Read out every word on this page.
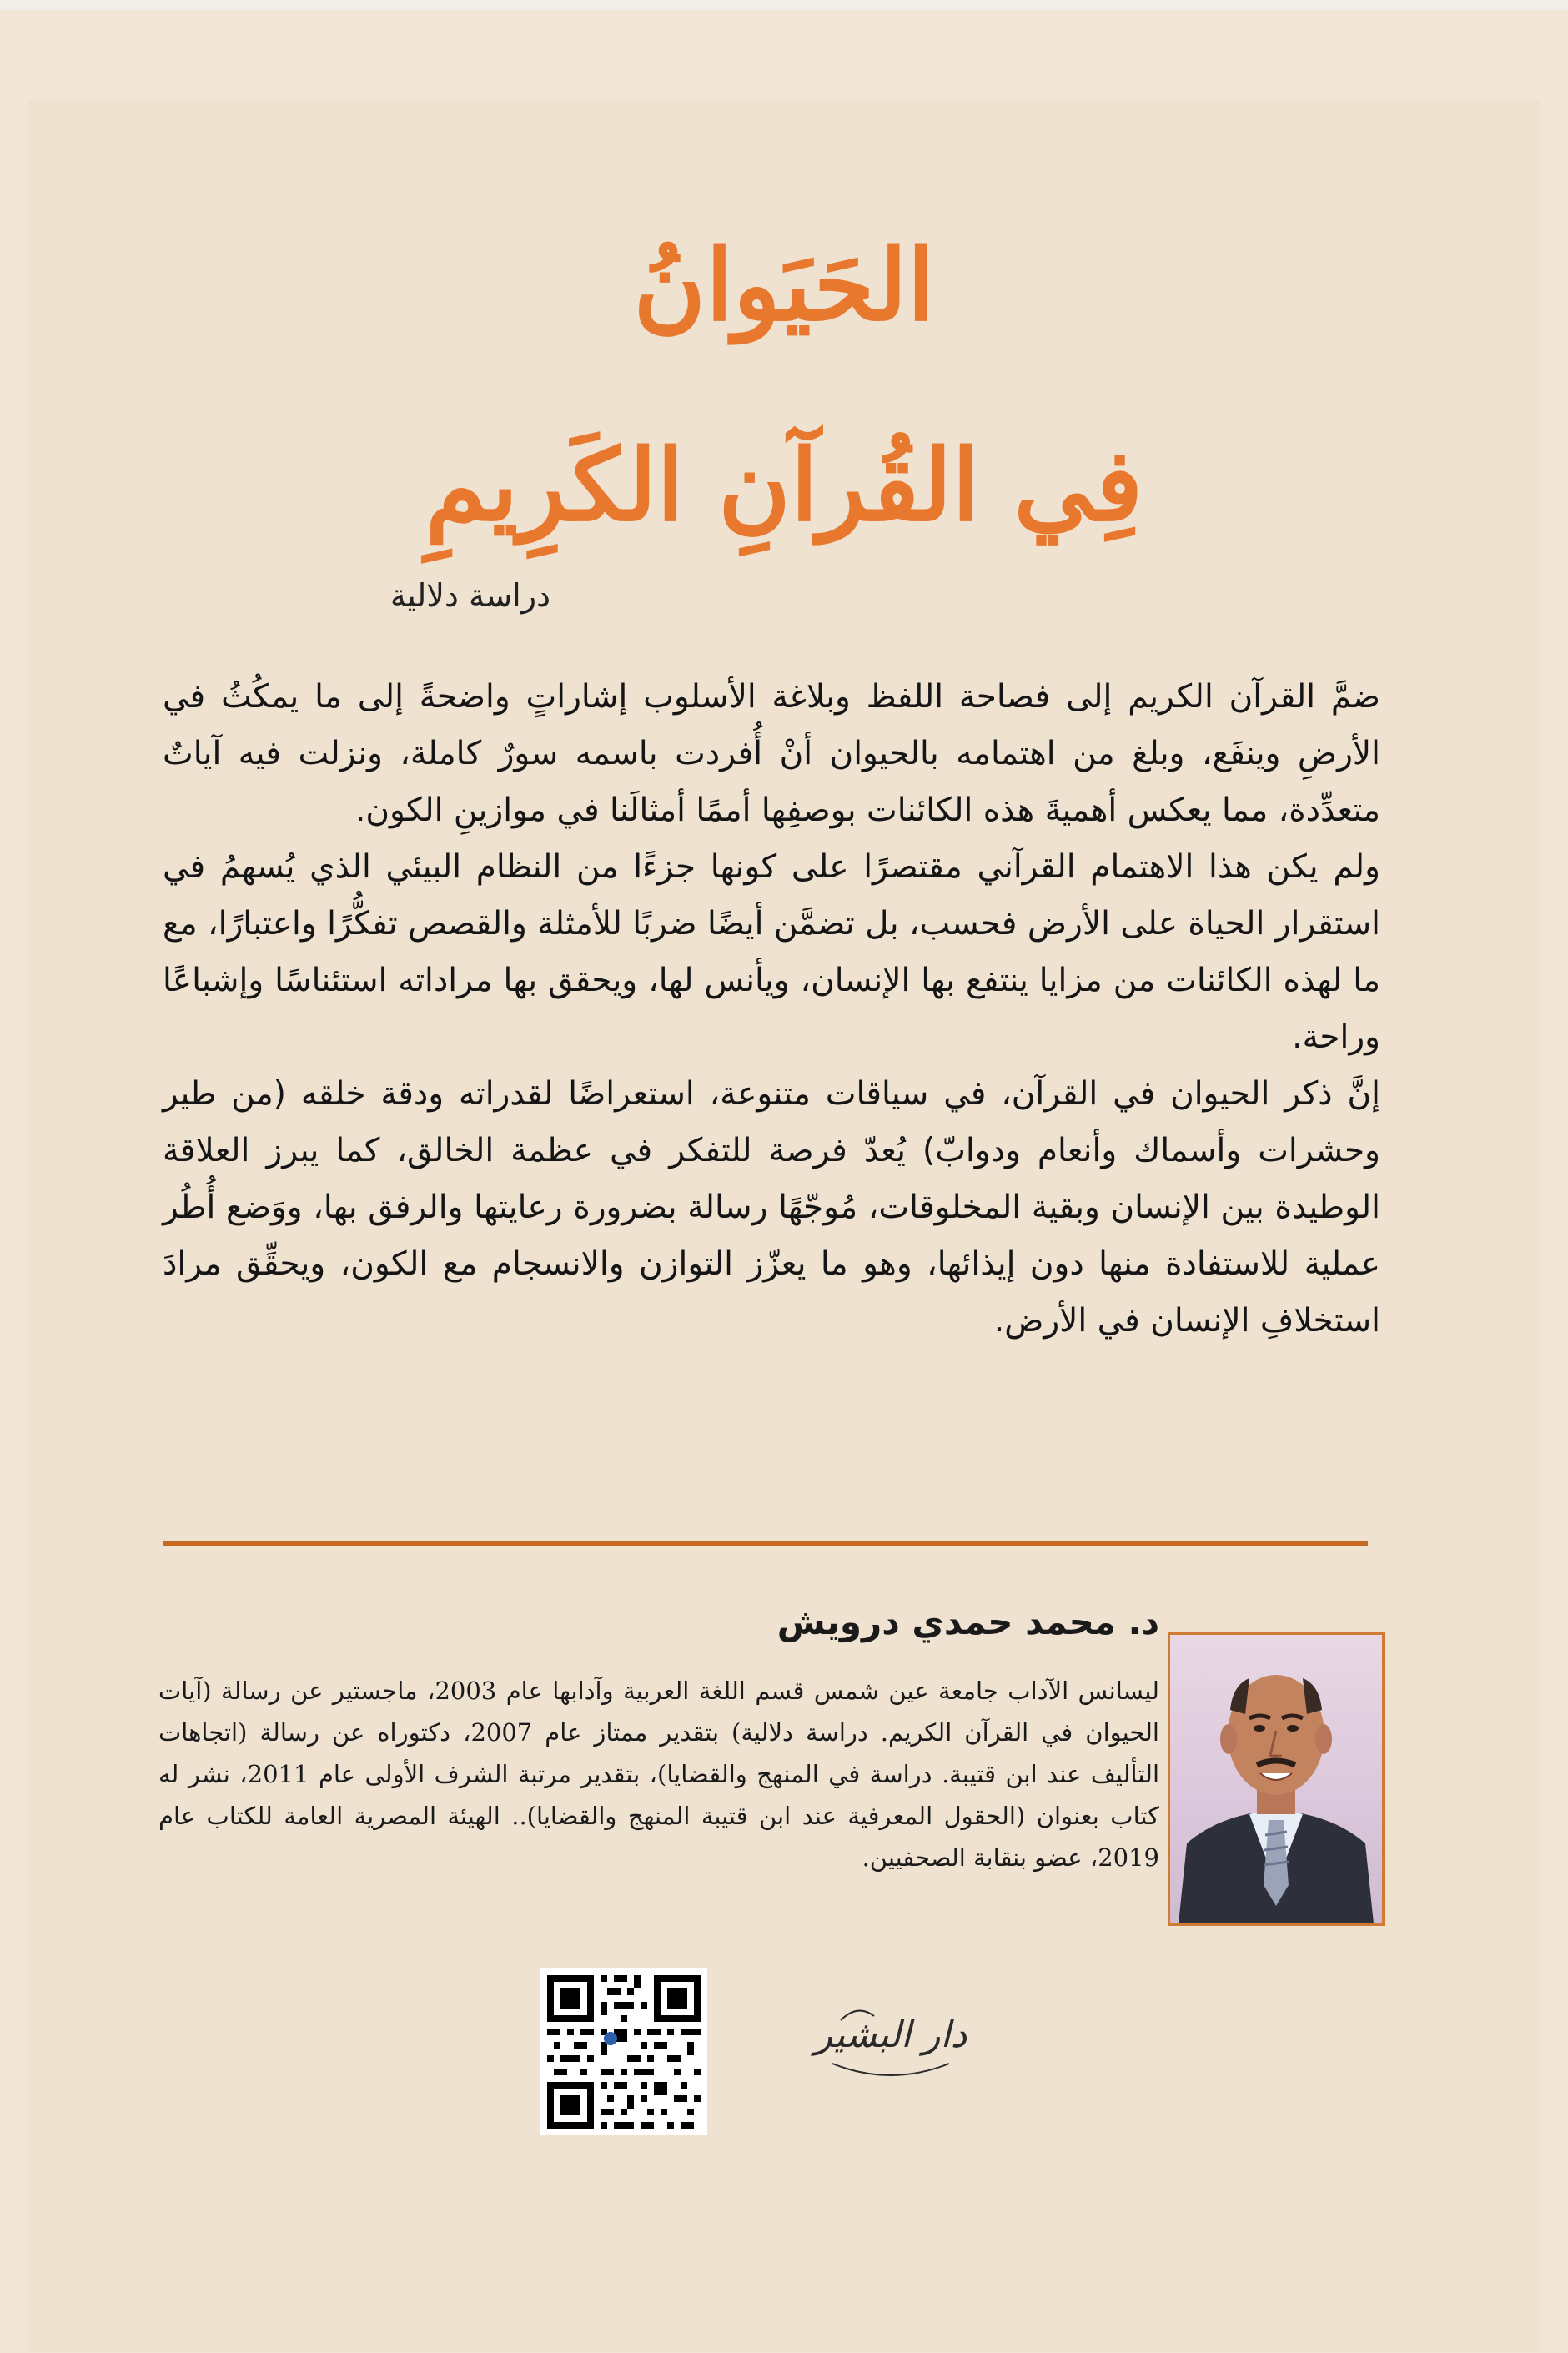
الحَيَوانُ
فِي القُرآنِ الكَرِيمِ
دراسة دلالية

ضمَّ القرآن الكريم إلى فصاحة اللفظ وبلاغة الأسلوب إشاراتٍ واضحةً إلى ما يمكُثُ في الأرضِ وينفَع، وبلغ من اهتمامه بالحيوان أنْ أُفردت باسمه سورٌ كاملة، ونزلت فيه آياتٌ متعدِّدة، مما يعكس أهميةَ هذه الكائنات بوصفِها أممًا أمثالَنا في موازينِ الكون.

ولم يكن هذا الاهتمام القرآني مقتصرًا على كونها جزءًا من النظام البيئي الذي يُسهمُ في استقرار الحياة على الأرض فحسب، بل تضمَّن أيضًا ضربًا للأمثلة والقصص تفكُّرًا واعتبارًا، مع ما لهذه الكائنات من مزايا ينتفع بها الإنسان، ويأنس لها، ويحقق بها مراداته استئناسًا وإشباعًا وراحة.

إنَّ ذكر الحيوان في القرآن، في سياقات متنوعة، استعراضًا لقدراته ودقة خلقه (من طير وحشرات وأسماك وأنعام ودوابّ) يُعدّ فرصة للتفكر في عظمة الخالق، كما يبرز العلاقة الوطيدة بين الإنسان وبقية المخلوقات، مُوجّهًا رسالة بضرورة رعايتها والرفق بها، ووَضع أُطُر عملية للاستفادة منها دون إيذائها، وهو ما يعزّز التوازن والانسجام مع الكون، ويحقِّق مرادَ استخلافِ الإنسان في الأرض.

د. محمد حمدي درويش
ليسانس الآداب جامعة عين شمس قسم اللغة العربية وآدابها عام 2003، ماجستير عن رسالة (آيات الحيوان في القرآن الكريم. دراسة دلالية) بتقدير ممتاز عام 2007، دكتوراه عن رسالة (اتجاهات التأليف عند ابن قتيبة. دراسة في المنهج والقضايا)، بتقدير مرتبة الشرف الأولى عام 2011، نشر له كتاب بعنوان (الحقول المعرفية عند ابن قتيبة المنهج والقضايا).. الهيئة المصرية العامة للكتاب عام 2019، عضو بنقابة الصحفيين.
دار البشير
